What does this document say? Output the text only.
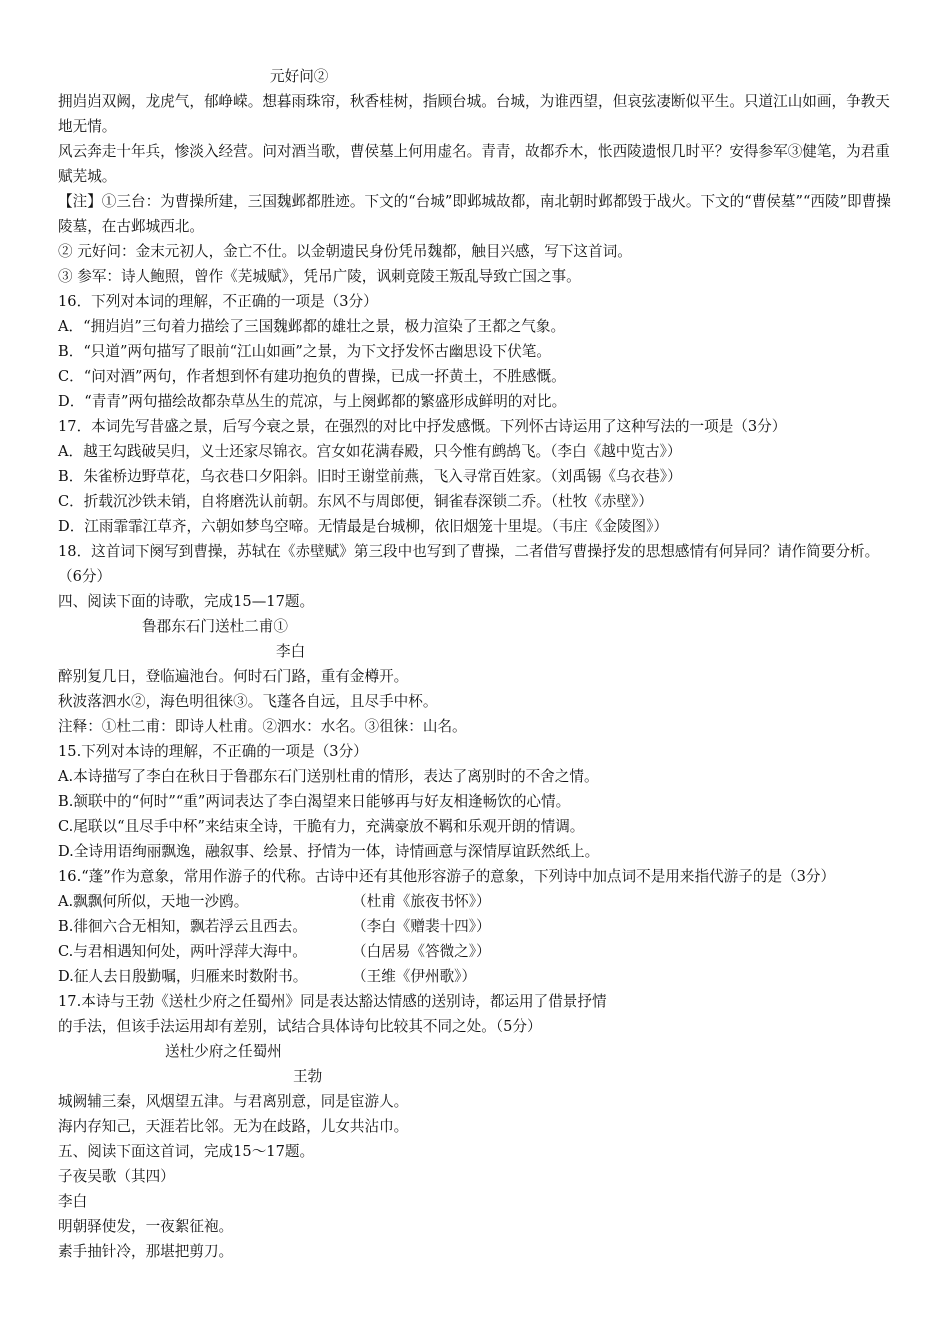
元好问②
拥岿岿双阙，龙虎气，郁峥嵘。想暮雨珠帘，秋香桂树，指顾台城。台城，为谁西望，但哀弦凄断似平生。只道江山如画，争教天地无情。
风云奔走十年兵，惨淡入经营。问对酒当歌，曹侯墓上何用虚名。青青，故都乔木，怅西陵遗恨几时平？安得参军③健笔，为君重赋芜城。
【注】①三台：为曹操所建，三国魏邺都胜迹。下文的“台城”即邺城故都，南北朝时邺都毁于战火。下文的“曹侯墓”“西陵”即曹操陵墓，在古邺城西北。
② 元好问：金末元初人，金亡不仕。以金朝遗民身份凭吊魏都，触目兴感，写下这首词。
③ 参军：诗人鲍照，曾作《芜城赋》，凭吊广陵，讽刺竟陵王叛乱导致亡国之事。
16．下列对本词的理解，不正确的一项是（3分）
A．“拥岿岿”三句着力描绘了三国魏邺都的雄壮之景，极力渲染了王都之气象。
B．“只道”两句描写了眼前“江山如画”之景，为下文抒发怀古幽思设下伏笔。
C．“问对酒”两句，作者想到怀有建功抱负的曹操，已成一抔黄土，不胜感慨。
D．“青青”两句描绘故都杂草丛生的荒凉，与上阕邺都的繁盛形成鲜明的对比。
17．本词先写昔盛之景，后写今衰之景，在强烈的对比中抒发感慨。下列怀古诗运用了这种写法的一项是（3分）
A．越王勾践破吴归，义士还家尽锦衣。宫女如花满春殿，只今惟有鹧鸪飞。（李白《越中览古》）
B．朱雀桥边野草花，乌衣巷口夕阳斜。旧时王谢堂前燕，飞入寻常百姓家。（刘禹锡《乌衣巷》）
C．折载沉沙铁未销，自将磨洗认前朝。东风不与周郎便，铜雀春深锁二乔。（杜牧《赤壁》）
D．江雨霏霏江草齐，六朝如梦鸟空啼。无情最是台城柳，依旧烟笼十里堤。（韦庄《金陵图》）
18．这首词下阕写到曹操，苏轼在《赤壁赋》第三段中也写到了曹操，二者借写曹操抒发的思想感情有何异同？请作简要分析。（6分）
四、阅读下面的诗歌，完成15—17题。
鲁郡东石门送杜二甫①
李白
醉别复几日，登临遍池台。何时石门路，重有金樽开。
秋波落泗水②，海色明徂徕③。飞蓬各自远，且尽手中杯。
注释：①杜二甫：即诗人杜甫。②泗水：水名。③徂徕：山名。
15.下列对本诗的理解，不正确的一项是（3分）
A.本诗描写了李白在秋日于鲁郡东石门送别杜甫的情形，表达了离别时的不舍之情。
B.颔联中的“何时”“重”两词表达了李白渴望来日能够再与好友相逢畅饮的心情。
C.尾联以“且尽手中杯”来结束全诗，干脆有力，充满豪放不羁和乐观开朗的情调。
D.全诗用语绚丽飘逸，融叙事、绘景、抒情为一体，诗情画意与深情厚谊跃然纸上。
16.“蓬”作为意象，常用作游子的代称。古诗中还有其他形容游子的意象，下列诗中加点词不是用来指代游子的是（3分）
A.飘飘何所似，天地一沙鸥。	（杜甫《旅夜书怀》）
B.徘徊六合无相知，飘若浮云且西去。	（李白《赠裴十四》）
C.与君相遇知何处，两叶浮萍大海中。	（白居易《答微之》）
D.征人去日殷勤嘱，归雁来时数附书。	（王维《伊州歌》）
17.本诗与王勃《送杜少府之任蜀州》同是表达豁达情感的送别诗，都运用了借景抒情
的手法，但该手法运用却有差别，试结合具体诗句比较其不同之处。（5分）
送杜少府之任蜀州
王勃
城阙辅三秦，风烟望五津。与君离别意，同是宦游人。
海内存知己，天涯若比邻。无为在歧路，儿女共沾巾。
五、阅读下面这首词，完成15～17题。
子夜吴歌（其四）
李白
明朝驿使发，一夜絮征袍。
素手抽针冷，那堪把剪刀。
